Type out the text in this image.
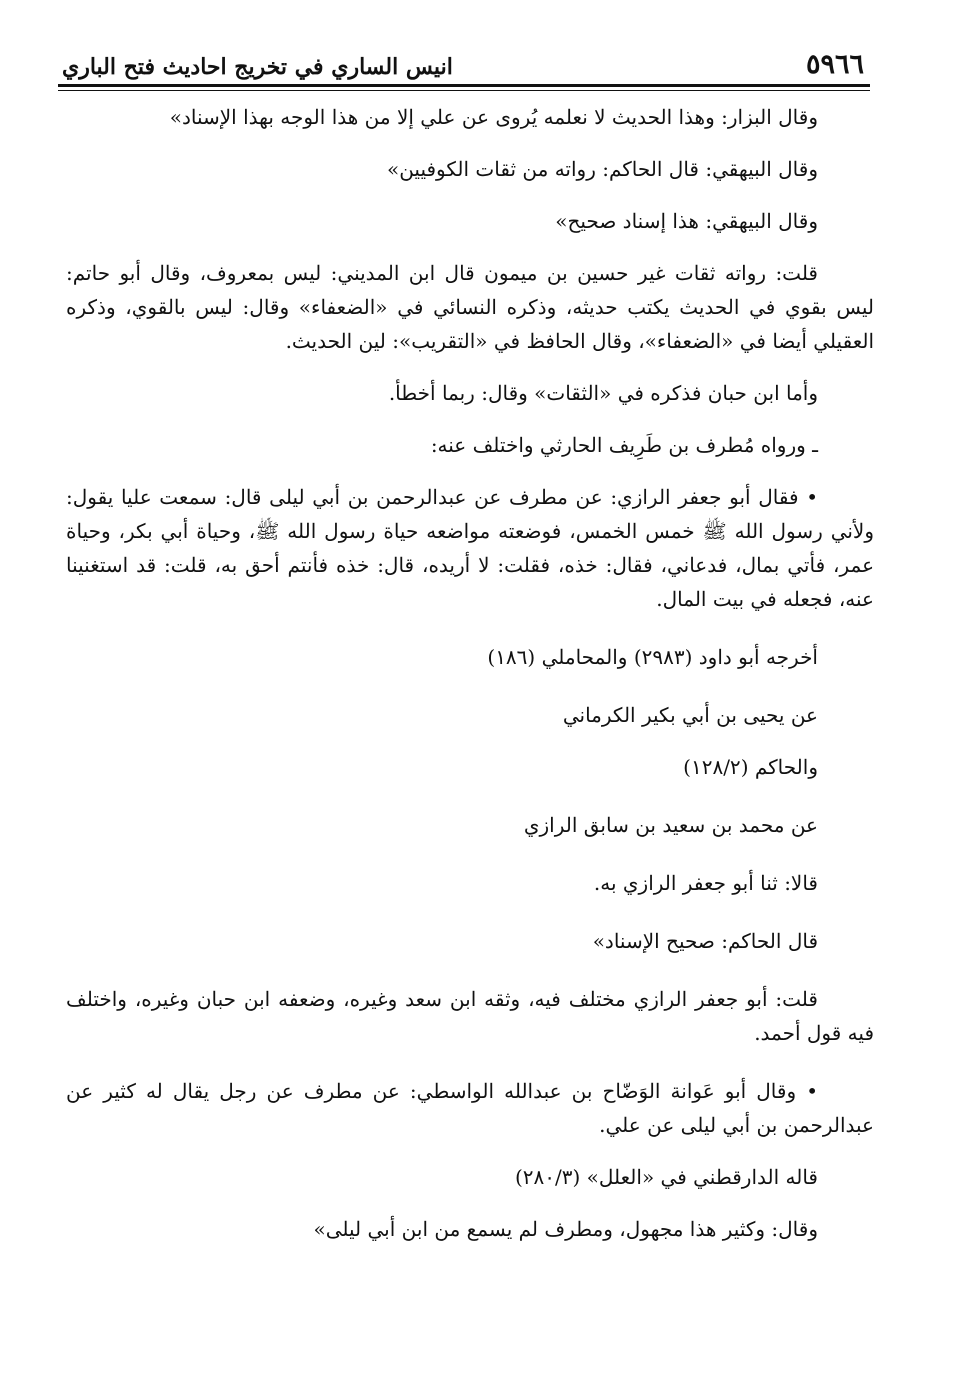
٥٩٦٦
انيس الساري في تخريج احاديث فتح الباري

وقال البزار: وهذا الحديث لا نعلمه يُروى عن علي إلا من هذا الوجه بهذا الإسناد»

وقال البيهقي: قال الحاكم: رواته من ثقات الكوفيين»

وقال البيهقي: هذا إسناد صحيح»

قلت: رواته ثقات غير حسين بن ميمون قال ابن المديني: ليس بمعروف، وقال أبو حاتم: ليس بقوي في الحديث يكتب حديثه، وذكره النسائي في «الضعفاء» وقال: ليس بالقوي، وذكره العقيلي أيضا في «الضعفاء»، وقال الحافظ في «التقريب»: لين الحديث.

وأما ابن حبان فذكره في «الثقات» وقال: ربما أخطأ.

ـ ورواه مُطرف بن طَرِيف الحارثي واختلف عنه:

• فقال أبو جعفر الرازي: عن مطرف عن عبدالرحمن بن أبي ليلى قال: سمعت عليا يقول: ولأني رسول الله ﷺ خمس الخمس، فوضعته مواضعه حياة رسول الله ﷺ، وحياة أبي بكر، وحياة عمر، فأتي بمال، فدعاني، فقال: خذه، فقلت: لا أريده، قال: خذه فأنتم أحق به، قلت: قد استغنينا عنه، فجعله في بيت المال.

أخرجه أبو داود (٢٩٨٣) والمحاملي (١٨٦)

عن يحيى بن أبي بكير الكرماني

والحاكم (١٢٨/٢)

عن محمد بن سعيد بن سابق الرازي

قالا: ثنا أبو جعفر الرازي به.

قال الحاكم: صحيح الإسناد»

قلت: أبو جعفر الرازي مختلف فيه، وثقه ابن سعد وغيره، وضعفه ابن حبان وغيره، واختلف فيه قول أحمد.

• وقال أبو عَوانة الوَضّاح بن عبدالله الواسطي: عن مطرف عن رجل يقال له كثير عن عبدالرحمن بن أبي ليلى عن علي.

قاله الدارقطني في «العلل» (٢٨٠/٣)

وقال: وكثير هذا مجهول، ومطرف لم يسمع من ابن أبي ليلى»
